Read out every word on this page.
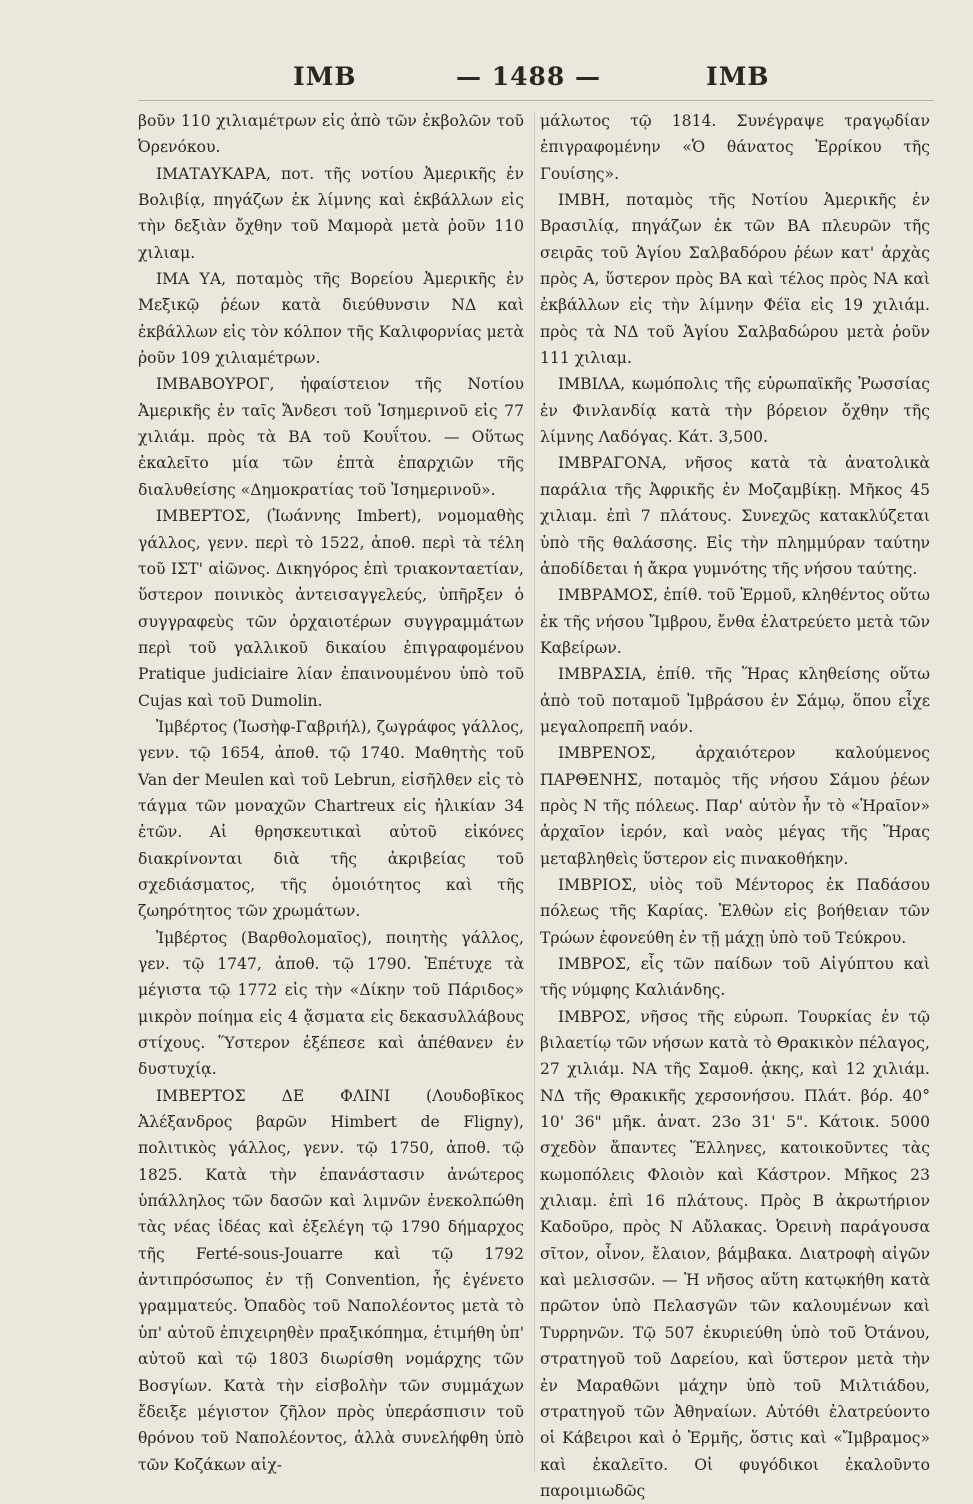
IMB	— 1488 —	IMB

βοῦν 110 χιλιαμέτρων εἰς ἀπὸ τῶν ἐκβολῶν τοῦ Ὀρενόκου.

ΙΜΑΤΑΥΚΑΡΑ, ποτ. τῆς νοτίου Ἀμερικῆς ἐν Βολιβίᾳ, πηγάζων ἐκ λίμνης καὶ ἐκβάλλων εἰς τὴν δεξιὰν ὄχθην τοῦ Μαμορὰ μετὰ ῥοῦν 110 χιλιαμ.

ΙΜΑ ΥΑ, ποταμὸς τῆς Βορείου Ἀμερικῆς ἐν Μεξικῷ ῥέων κατὰ διεύθυνσιν ΝΔ καὶ ἐκβάλλων εἰς τὸν κόλπον τῆς Καλιφορνίας μετὰ ῥοῦν 109 χιλιαμέτρων.

ΙΜΒΑΒΟΥΡΟΓ, ἡφαίστειον τῆς Νοτίου Ἀμερικῆς ἐν ταῖς Ἄνδεσι τοῦ Ἰσημερινοῦ εἰς 77 χιλιάμ. πρὸς τὰ ΒΑ τοῦ Κουΐτου. — Οὕτως ἐκαλεῖτο μία τῶν ἑπτὰ ἐπαρχιῶν τῆς διαλυθείσης «Δημοκρατίας τοῦ Ἰσημερινοῦ».

ΙΜΒΕΡΤΟΣ, (Ἰωάννης Imbert), νομομαθὴς γάλλος, γενν. περὶ τὸ 1522, ἀποθ. περὶ τὰ τέλη τοῦ ΙΣΤ' αἰῶνος. Δικηγόρος ἐπὶ τριακονταετίαν, ὕστερον ποινικὸς ἀντεισαγγελεύς, ὑπῆρξεν ὁ συγγραφεὺς τῶν ὀρχαιοτέρων συγγραμμάτων περὶ τοῦ γαλλικοῦ δικαίου ἐπιγραφομένου Pratique judiciaire λίαν ἐπαινουμένου ὑπὸ τοῦ Cujas καὶ τοῦ Dumolin.

Ἰμβέρτος (Ἰωσὴφ-Γαβριήλ), ζωγράφος γάλλος, γενν. τῷ 1654, ἀποθ. τῷ 1740. Μαθητὴς τοῦ Van der Meulen καὶ τοῦ Lebrun, εἰσῆλθεν εἰς τὸ τάγμα τῶν μοναχῶν Chartreux εἰς ἡλικίαν 34 ἐτῶν. Αἱ θρησκευτικαὶ αὐτοῦ εἰκόνες διακρίνονται διὰ τῆς ἀκριβείας τοῦ σχεδιάσματος, τῆς ὁμοιότητος καὶ τῆς ζωηρότητος τῶν χρωμάτων.

Ἰμβέρτος (Βαρθολομαῖος), ποιητὴς γάλλος, γεν. τῷ 1747, ἀποθ. τῷ 1790. Ἐπέτυχε τὰ μέγιστα τῷ 1772 εἰς τὴν «Δίκην τοῦ Πάριδος» μικρὸν ποίημα εἰς 4 ᾄσματα εἰς δεκασυλλάβους στίχους. Ὕστερον ἐξέπεσε καὶ ἀπέθανεν ἐν δυστυχίᾳ.

ΙΜΒΕΡΤΟΣ ΔΕ ΦΛΙΝΙ (Λουδοβῖκος Ἀλέξανδρος βαρῶν Himbert de Fligny), πολιτικὸς γάλλος, γενν. τῷ 1750, ἀποθ. τῷ 1825. Κατὰ τὴν ἐπανάστασιν ἀνώτερος ὑπάλληλος τῶν δασῶν καὶ λιμνῶν ἐνεκολπώθη τὰς νέας ἰδέας καὶ ἐξελέγη τῷ 1790 δήμαρχος τῆς Ferté-sous-Jouarre καὶ τῷ 1792 ἀντιπρόσωπος ἐν τῇ Convention, ἧς ἐγένετο γραμματεύς. Ὀπαδὸς τοῦ Ναπολέοντος μετὰ τὸ ὑπ' αὐτοῦ ἐπιχειρηθὲν πραξικόπημα, ἐτιμήθη ὑπ' αὐτοῦ καὶ τῷ 1803 διωρίσθη νομάρχης τῶν Βοσγίων. Κατὰ τὴν εἰσβολὴν τῶν συμμάχων ἔδειξε μέγιστον ζῆλον πρὸς ὑπεράσπισιν τοῦ θρόνου τοῦ Ναπολέοντος, ἀλλὰ συνελήφθη ὑπὸ τῶν Κοζάκων αἰχ-

μάλωτος τῷ 1814. Συνέγραψε τραγῳδίαν ἐπιγραφομένην «Ὁ θάνατος Ἐρρίκου τῆς Γουίσης».

ΙΜΒΗ, ποταμὸς τῆς Νοτίου Ἀμερικῆς ἐν Βρασιλίᾳ, πηγάζων ἐκ τῶν ΒΑ πλευρῶν τῆς σειρᾶς τοῦ Ἁγίου Σαλβαδόρου ῥέων κατ' ἀρχὰς πρὸς Α, ὕστερον πρὸς ΒΑ καὶ τέλος πρὸς ΝΑ καὶ ἐκβάλλων εἰς τὴν λίμνην Φέϊα εἰς 19 χιλιάμ. πρὸς τὰ ΝΔ τοῦ Ἁγίου Σαλβαδώρου μετὰ ῥοῦν 111 χιλιαμ.

ΙΜΒΙΛΑ, κωμόπολις τῆς εὐρωπαϊκῆς Ῥωσσίας ἐν Φινλανδίᾳ κατὰ τὴν βόρειον ὄχθην τῆς λίμνης Λαδόγας. Κάτ. 3,500.

ΙΜΒΡΑΓΟΝΑ, νῆσος κατὰ τὰ ἀνατολικὰ παράλια τῆς Ἀφρικῆς ἐν Μοζαμβίκῃ. Μῆκος 45 χιλιαμ. ἐπὶ 7 πλάτους. Συνεχῶς κατακλύζεται ὑπὸ τῆς θαλάσσης. Εἰς τὴν πλημμύραν ταύτην ἀποδίδεται ἡ ἄκρα γυμνότης τῆς νήσου ταύτης.

ΙΜΒΡΑΜΟΣ, ἐπίθ. τοῦ Ἑρμοῦ, κληθέντος οὕτω ἐκ τῆς νήσου Ἴμβρου, ἔνθα ἐλατρεύετο μετὰ τῶν Καβείρων.

ΙΜΒΡΑΣΙΑ, ἐπίθ. τῆς Ἥρας κληθείσης οὕτω ἀπὸ τοῦ ποταμοῦ Ἰμβράσου ἐν Σάμῳ, ὅπου εἶχε μεγαλοπρεπῆ ναόν.

ΙΜΒΡΕΝΟΣ, ἀρχαιότερον καλούμενος ΠΑΡΘΕΝΗΣ, ποταμὸς τῆς νήσου Σάμου ῥέων πρὸς Ν τῆς πόλεως. Παρ' αὐτὸν ἦν τὸ «Ἡραῖον» ἀρχαῖον ἱερόν, καὶ ναὸς μέγας τῆς Ἥρας μεταβληθεὶς ὕστερον εἰς πινακοθήκην.

ΙΜΒΡΙΟΣ, υἱὸς τοῦ Μέντορος ἐκ Παδάσου πόλεως τῆς Καρίας. Ἐλθὼν εἰς βοήθειαν τῶν Τρώων ἐφονεύθη ἐν τῇ μάχῃ ὑπὸ τοῦ Τεύκρου.

ΙΜΒΡΟΣ, εἷς τῶν παίδων τοῦ Αἰγύπτου καὶ τῆς νύμφης Καλιάνδης.

ΙΜΒΡΟΣ, νῆσος τῆς εὐρωπ. Τουρκίας ἐν τῷ βιλαετίῳ τῶν νήσων κατὰ τὸ Θρακικὸν πέλαγος, 27 χιλιάμ. ΝΑ τῆς Σαμοθ. ᾀκης, καὶ 12 χιλιάμ. ΝΔ τῆς Θρακικῆς χερσονήσου. Πλάτ. βόρ. 40° 10' 36" μῆκ. ἀνατ. 23ο 31' 5". Κάτοικ. 5000 σχεδὸν ἅπαντες Ἕλληνες, κατοικοῦντες τὰς κωμοπόλεις Φλοιὸν καὶ Κάστρον. Μῆκος 23 χιλιαμ. ἐπὶ 16 πλάτους. Πρὸς Β ἀκρωτήριον Καδοῦρο, πρὸς Ν Αὔλακας. Ὀρεινὴ παράγουσα σῖτον, οἶνον, ἔλαιον, βάμβακα. Διατροφὴ αἰγῶν καὶ μελισσῶν. — Ἡ νῆσος αὕτη κατῳκήθη κατὰ πρῶτον ὑπὸ Πελασγῶν τῶν καλουμένων καὶ Τυρρηνῶν. Τῷ 507 ἐκυριεύθη ὑπὸ τοῦ Ὀτάνου, στρατηγοῦ τοῦ Δαρείου, καὶ ὕστερον μετὰ τὴν ἐν Μαραθῶνι μάχην ὑπὸ τοῦ Μιλτιάδου, στρατηγοῦ τῶν Ἀθηναίων. Αὐτόθι ἐλατρεύοντο οἱ Κάβειροι καὶ ὁ Ἑρμῆς, ὅστις καὶ «Ἴμβραμος» καὶ ἐκαλεῖτο. Οἱ φυγόδικοι ἐκαλοῦντο παροιμιωδῶς
